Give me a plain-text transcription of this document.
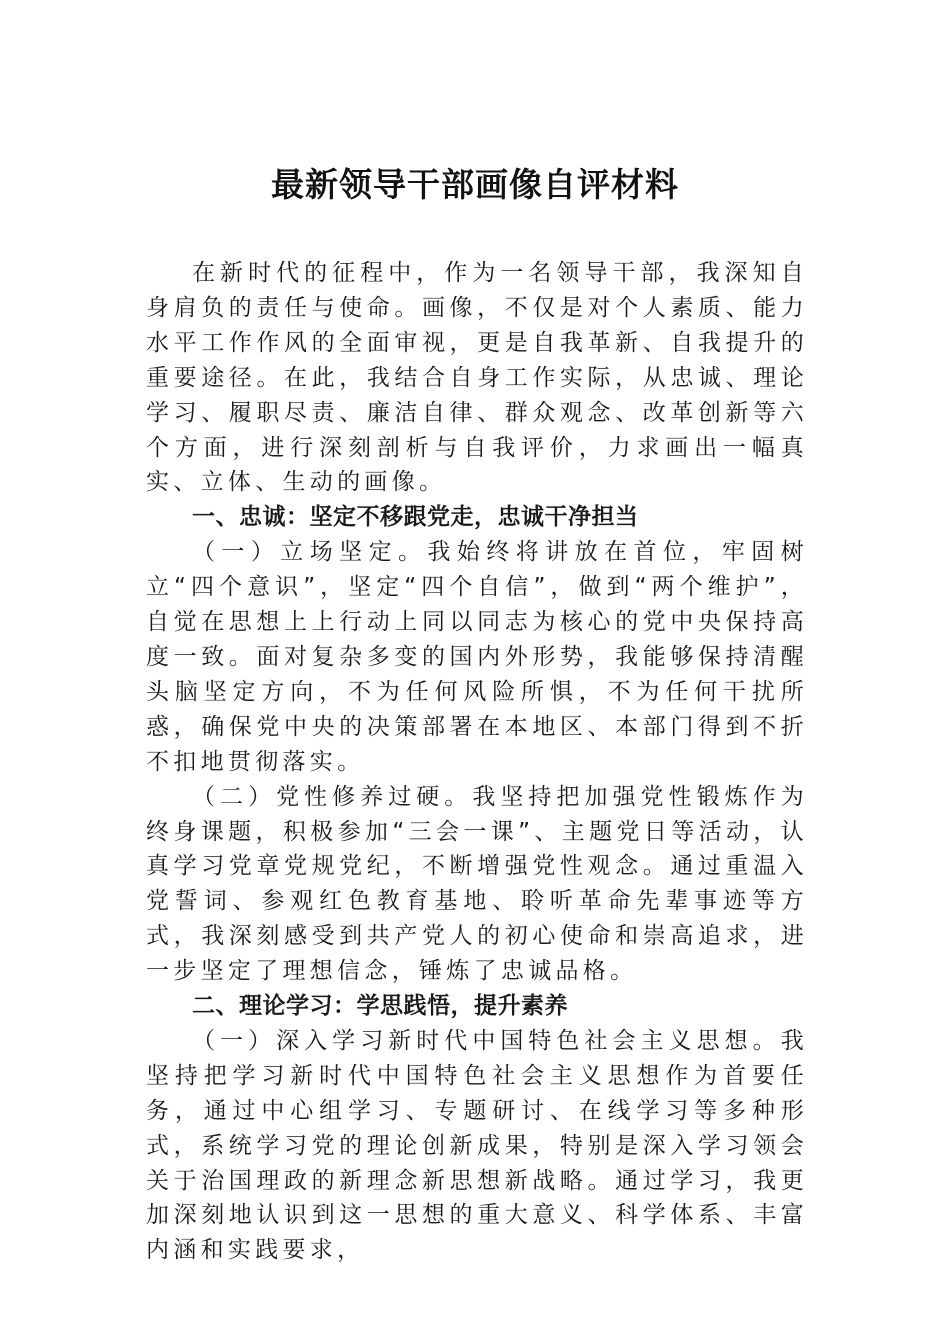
最新领导干部画像自评材料

在新时代的征程中，作为一名领导干部，我深知自身肩负的责任与使命。画像，不仅是对个人素质、能力水平工作作风的全面审视，更是自我革新、自我提升的重要途径。在此，我结合自身工作实际，从忠诚、理论学习、履职尽责、廉洁自律、群众观念、改革创新等六个方面，进行深刻剖析与自我评价，力求画出一幅真实、立体、生动的画像。

一、忠诚：坚定不移跟党走，忠诚干净担当

（一）立场坚定。我始终将讲放在首位，牢固树立“四个意识”，坚定“四个自信”，做到“两个维护”，自觉在思想上上行动上同以同志为核心的党中央保持高度一致。面对复杂多变的国内外形势，我能够保持清醒头脑坚定方向，不为任何风险所惧，不为任何干扰所惑，确保党中央的决策部署在本地区、本部门得到不折不扣地贯彻落实。

（二）党性修养过硬。我坚持把加强党性锻炼作为终身课题，积极参加“三会一课”、主题党日等活动，认真学习党章党规党纪，不断增强党性观念。通过重温入党誓词、参观红色教育基地、聆听革命先辈事迹等方式，我深刻感受到共产党人的初心使命和崇高追求，进一步坚定了理想信念，锤炼了忠诚品格。

二、理论学习：学思践悟，提升素养

（一）深入学习新时代中国特色社会主义思想。我坚持把学习新时代中国特色社会主义思想作为首要任务，通过中心组学习、专题研讨、在线学习等多种形式，系统学习党的理论创新成果，特别是深入学习领会关于治国理政的新理念新思想新战略。通过学习，我更加深刻地认识到这一思想的重大意义、科学体系、丰富内涵和实践要求，
